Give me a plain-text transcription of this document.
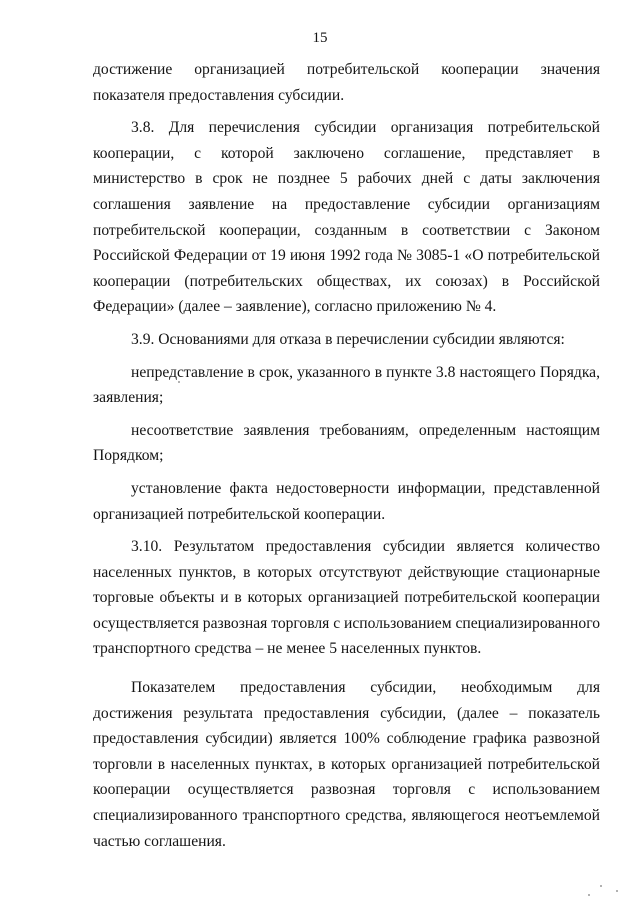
15

достижение организацией потребительской кооперации значения показателя предоставления субсидии.

3.8. Для перечисления субсидии организация потребительской кооперации, с которой заключено соглашение, представляет в министерство в срок не позднее 5 рабочих дней с даты заключения соглашения заявление на предоставление субсидии организациям потребительской кооперации, созданным в соответствии с Законом Российской Федерации от 19 июня 1992 года № 3085-1 «О потребительской кооперации (потребительских обществах, их союзах) в Российской Федерации» (далее – заявление), согласно приложению № 4.

3.9. Основаниями для отказа в перечислении субсидии являются:

непредставление в срок, указанного в пункте 3.8 настоящего Порядка, заявления;

несоответствие заявления требованиям, определенным настоящим Порядком;

установление факта недостоверности информации, представленной организацией потребительской кооперации.

3.10. Результатом предоставления субсидии является количество населенных пунктов, в которых отсутствуют действующие стационарные торговые объекты и в которых организацией потребительской кооперации осуществляется развозная торговля с использованием специализированного транспортного средства – не менее 5 населенных пунктов.

Показателем предоставления субсидии, необходимым для достижения результата предоставления субсидии, (далее – показатель предоставления субсидии) является 100% соблюдение графика развозной торговли в населенных пунктах, в которых организацией потребительской кооперации осуществляется развозная торговля с использованием специализированного транспортного средства, являющегося неотъемлемой частью соглашения.
